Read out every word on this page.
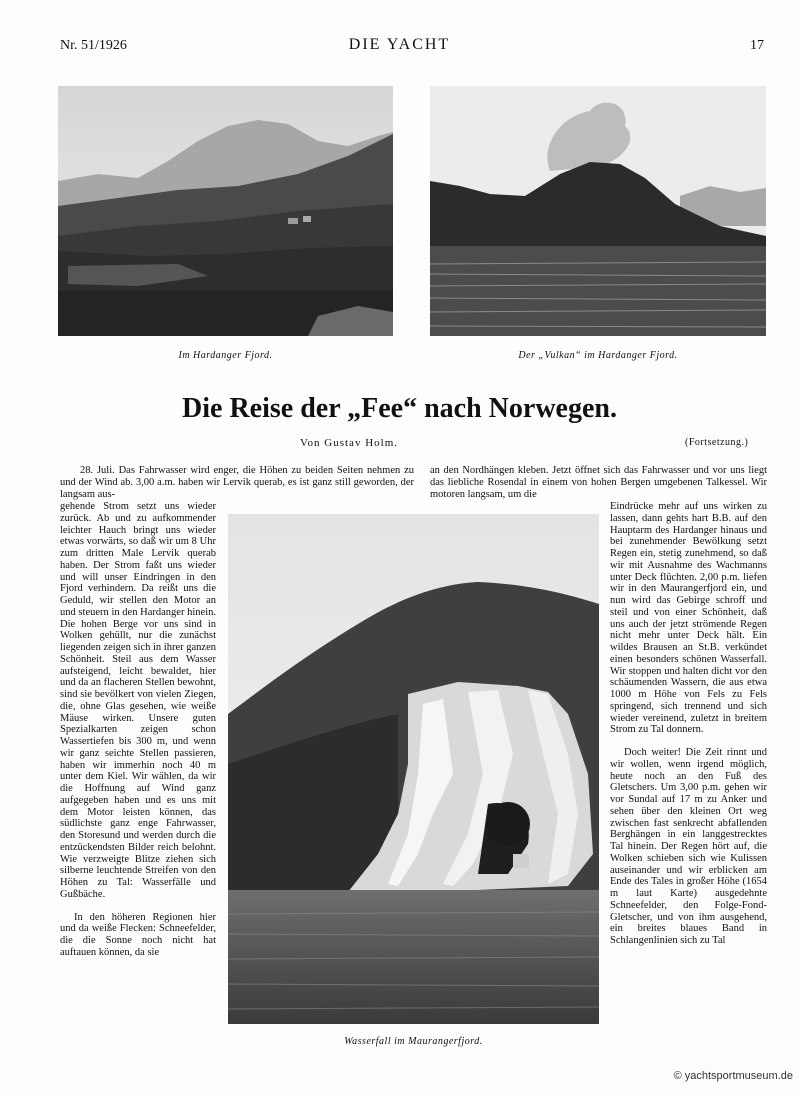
Nr. 51/1926	DIE YACHT	17
Im Hardanger Fjord.	Der „Vulkan“ im Hardanger Fjord.
Die Reise der „Fee“ nach Norwegen.
Von Gustav Holm.	(Fortsetzung.)

28. Juli. Das Fahrwasser wird enger, die Höhen zu beiden Seiten nehmen zu und der Wind ab. 3,00 a.m. haben wir Lervik querab, es ist ganz still geworden, der langsam aus-

an den Nordhängen kleben. Jetzt öffnet sich das Fahrwasser und vor uns liegt das liebliche Rosendal in einem von hohen Bergen umgebenen Talkessel. Wir motoren langsam, um die

gehende Strom setzt uns wieder zurück. Ab und zu aufkommender leichter Hauch bringt uns wieder etwas vorwärts, so daß wir um 8 Uhr zum dritten Male Lervik querab haben. Der Strom faßt uns wieder und will unser Eindringen in den Fjord verhindern. Da reißt uns die Geduld, wir stellen den Motor an und steuern in den Hardanger hinein. Die hohen Berge vor uns sind in Wolken gehüllt, nur die zunächst liegenden zeigen sich in ihrer ganzen Schönheit. Steil aus dem Wasser aufsteigend, leicht bewaldet, hier und da an flacheren Stellen bewohnt, sind sie bevölkert von vielen Ziegen, die, ohne Glas gesehen, wie weiße Mäuse wirken. Unsere guten Spezialkarten zeigen schon Wassertiefen bis 300 m, und wenn wir ganz seichte Stellen passieren, haben wir immerhin noch 40 m unter dem Kiel. Wir wählen, da wir die Hoffnung auf Wind ganz aufgegeben haben und es uns mit dem Motor leisten können, das südlichste ganz enge Fahrwasser, den Storesund und werden durch die entzückendsten Bilder reich belohnt. Wie verzweigte Blitze ziehen sich silberne leuchtende Streifen von den Höhen zu Tal: Wasserfälle und Gußbäche.

In den höheren Regionen hier und da weiße Flecken: Schneefelder, die die Sonne noch nicht hat auftauen können, da sie

Wasserfall im Maurangerfjord.

Eindrücke mehr auf uns wirken zu lassen, dann gehts hart B.B. auf den Hauptarm des Hardanger hinaus und bei zunehmender Bewölkung setzt Regen ein, stetig zunehmend, so daß wir mit Ausnahme des Wachmanns unter Deck flüchten. 2,00 p.m. liefen wir in den Maurangerfjord ein, und nun wird das Gebirge schroff und steil und von einer Schönheit, daß uns auch der jetzt strömende Regen nicht mehr unter Deck hält. Ein wildes Brausen an St.B. verkündet einen besonders schönen Wasserfall. Wir stoppen und halten dicht vor den schäumenden Wassern, die aus etwa 1000 m Höhe von Fels zu Fels springend, sich trennend und sich wieder vereinend, zuletzt in breitem Strom zu Tal donnern.

Doch weiter! Die Zeit rinnt und wir wollen, wenn irgend möglich, heute noch an den Fuß des Gletschers. Um 3,00 p.m. gehen wir vor Sundal auf 17 m zu Anker und sehen über den kleinen Ort weg zwischen fast senkrecht abfallenden Berghängen in ein langgestrecktes Tal hinein. Der Regen hört auf, die Wolken schieben sich wie Kulissen auseinander und wir erblicken am Ende des Tales in großer Höhe (1654 m laut Karte) ausgedehnte Schneefelder, den Folge-Fond-Gletscher, und von ihm ausgehend, ein breites blaues Band in Schlangenlinien sich zu Tal

© yachtsportmuseum.de
